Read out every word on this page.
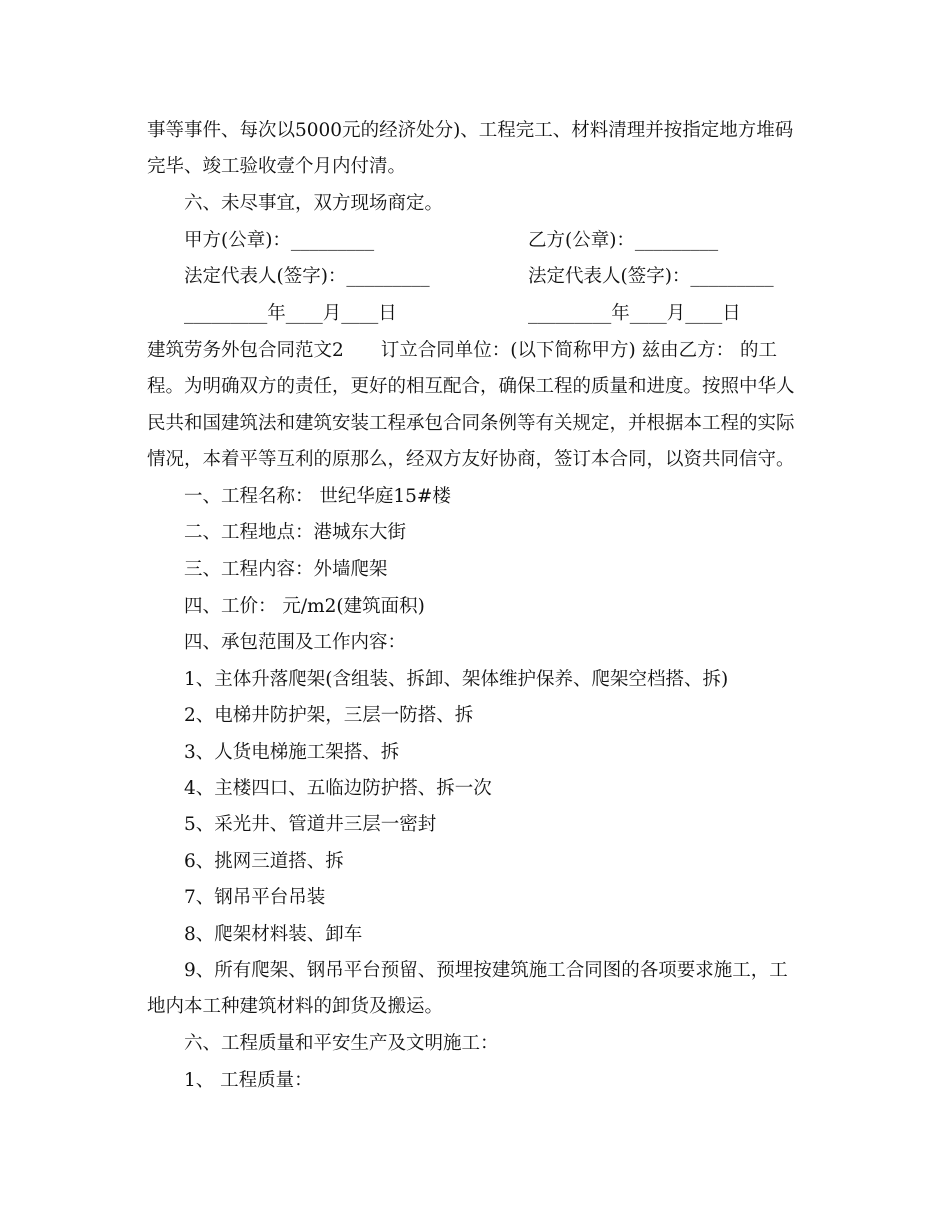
事等事件、每次以5000元的经济处分)、工程完工、材料清理并按指定地方堆码
完毕、竣工验收壹个月内付清。
六、未尽事宜，双方现场商定。
甲方(公章)：_________	乙方(公章)：_________
法定代表人(签字)：_________	法定代表人(签字)：_________
_________年____月____日	_________年____月____日
建筑劳务外包合同范文2　　订立合同单位：(以下简称甲方) 兹由乙方： 的工
程。为明确双方的责任，更好的相互配合，确保工程的质量和进度。按照中华人
民共和国建筑法和建筑安装工程承包合同条例等有关规定，并根据本工程的实际
情况，本着平等互利的原那么，经双方友好协商，签订本合同，以资共同信守。
一、工程名称： 世纪华庭15#楼
二、工程地点：港城东大街
三、工程内容：外墙爬架
四、工价： 元/m2(建筑面积)
四、承包范围及工作内容：
1、主体升落爬架(含组装、拆卸、架体维护保养、爬架空档搭、拆)
2、电梯井防护架，三层一防搭、拆
3、人货电梯施工架搭、拆
4、主楼四口、五临边防护搭、拆一次
5、采光井、管道井三层一密封
6、挑网三道搭、拆
7、钢吊平台吊装
8、爬架材料装、卸车
9、所有爬架、钢吊平台预留、预埋按建筑施工合同图的各项要求施工，工
地内本工种建筑材料的卸货及搬运。
六、工程质量和平安生产及文明施工：
1、 工程质量：
